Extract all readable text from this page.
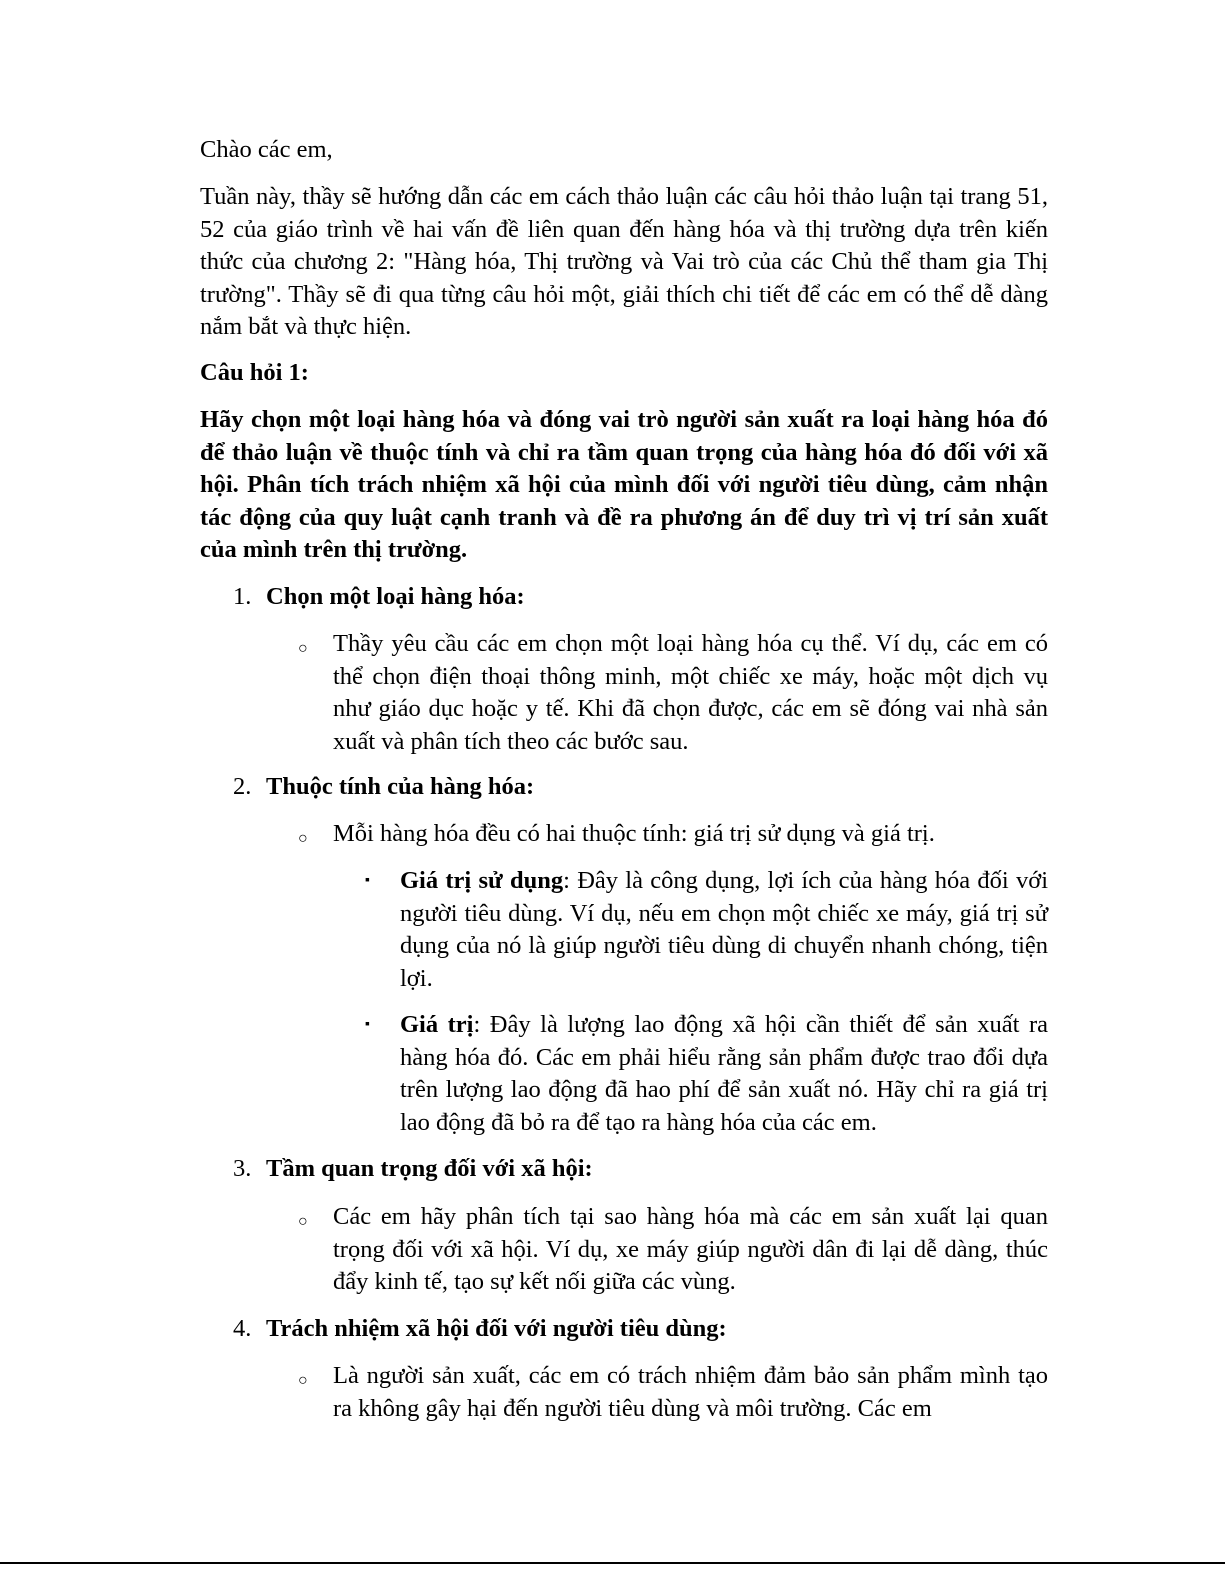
Chào các em,

Tuần này, thầy sẽ hướng dẫn các em cách thảo luận các câu hỏi thảo luận tại trang 51, 52 của giáo trình về hai vấn đề liên quan đến hàng hóa và thị trường dựa trên kiến thức của chương 2: "Hàng hóa, Thị trường và Vai trò của các Chủ thể tham gia Thị trường". Thầy sẽ đi qua từng câu hỏi một, giải thích chi tiết để các em có thể dễ dàng nắm bắt và thực hiện.

Câu hỏi 1:

Hãy chọn một loại hàng hóa và đóng vai trò người sản xuất ra loại hàng hóa đó để thảo luận về thuộc tính và chỉ ra tầm quan trọng của hàng hóa đó đối với xã hội. Phân tích trách nhiệm xã hội của mình đối với người tiêu dùng, cảm nhận tác động của quy luật cạnh tranh và đề ra phương án để duy trì vị trí sản xuất của mình trên thị trường.

1. Chọn một loại hàng hóa:

○ Thầy yêu cầu các em chọn một loại hàng hóa cụ thể. Ví dụ, các em có thể chọn điện thoại thông minh, một chiếc xe máy, hoặc một dịch vụ như giáo dục hoặc y tế. Khi đã chọn được, các em sẽ đóng vai nhà sản xuất và phân tích theo các bước sau.

2. Thuộc tính của hàng hóa:

○ Mỗi hàng hóa đều có hai thuộc tính: giá trị sử dụng và giá trị.
▪ Giá trị sử dụng: Đây là công dụng, lợi ích của hàng hóa đối với người tiêu dùng. Ví dụ, nếu em chọn một chiếc xe máy, giá trị sử dụng của nó là giúp người tiêu dùng di chuyển nhanh chóng, tiện lợi.
▪ Giá trị: Đây là lượng lao động xã hội cần thiết để sản xuất ra hàng hóa đó. Các em phải hiểu rằng sản phẩm được trao đổi dựa trên lượng lao động đã hao phí để sản xuất nó. Hãy chỉ ra giá trị lao động đã bỏ ra để tạo ra hàng hóa của các em.

3. Tầm quan trọng đối với xã hội:

○ Các em hãy phân tích tại sao hàng hóa mà các em sản xuất lại quan trọng đối với xã hội. Ví dụ, xe máy giúp người dân đi lại dễ dàng, thúc đẩy kinh tế, tạo sự kết nối giữa các vùng.

4. Trách nhiệm xã hội đối với người tiêu dùng:

○ Là người sản xuất, các em có trách nhiệm đảm bảo sản phẩm mình tạo ra không gây hại đến người tiêu dùng và môi trường. Các em
